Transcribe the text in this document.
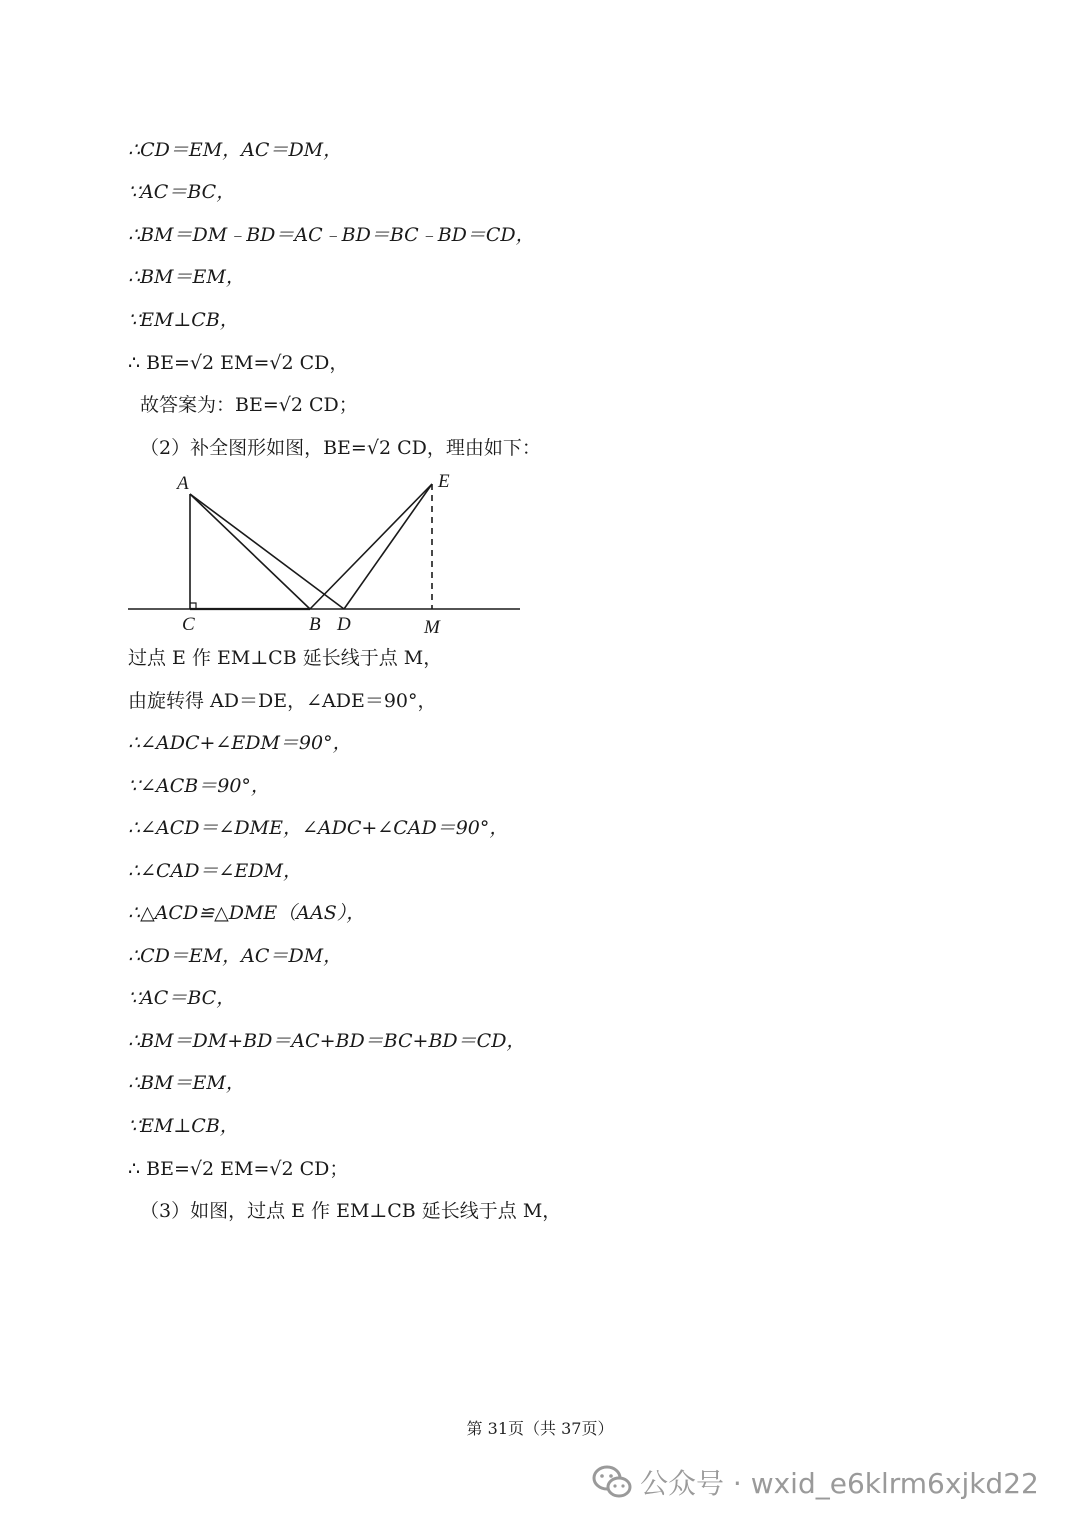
∴CD＝EM，AC＝DM，
∵AC＝BC，
∴BM＝DM﹣BD＝AC﹣BD＝BC﹣BD＝CD，
∴BM＝EM，
∵EM⊥CB，
∴ BE=√2 EM=√2 CD，
故答案为：BE=√2 CD；
（2）补全图形如图，BE=√2 CD，理由如下：
A	E
C	B D	M
过点 E 作 EM⊥CB 延长线于点 M，
由旋转得 AD＝DE，∠ADE＝90°，
∴∠ADC+∠EDM＝90°，
∵∠ACB＝90°，
∴∠ACD＝∠DME，∠ADC+∠CAD＝90°，
∴∠CAD＝∠EDM，
∴△ACD≌△DME（AAS），
∴CD＝EM，AC＝DM，
∵AC＝BC，
∴BM＝DM+BD＝AC+BD＝BC+BD＝CD，
∴BM＝EM，
∵EM⊥CB，
∴ BE=√2 EM=√2 CD；
（3）如图，过点 E 作 EM⊥CB 延长线于点 M，
第 31页（共 37页）
公众号 · wxid_e6klrm6xjkd22
